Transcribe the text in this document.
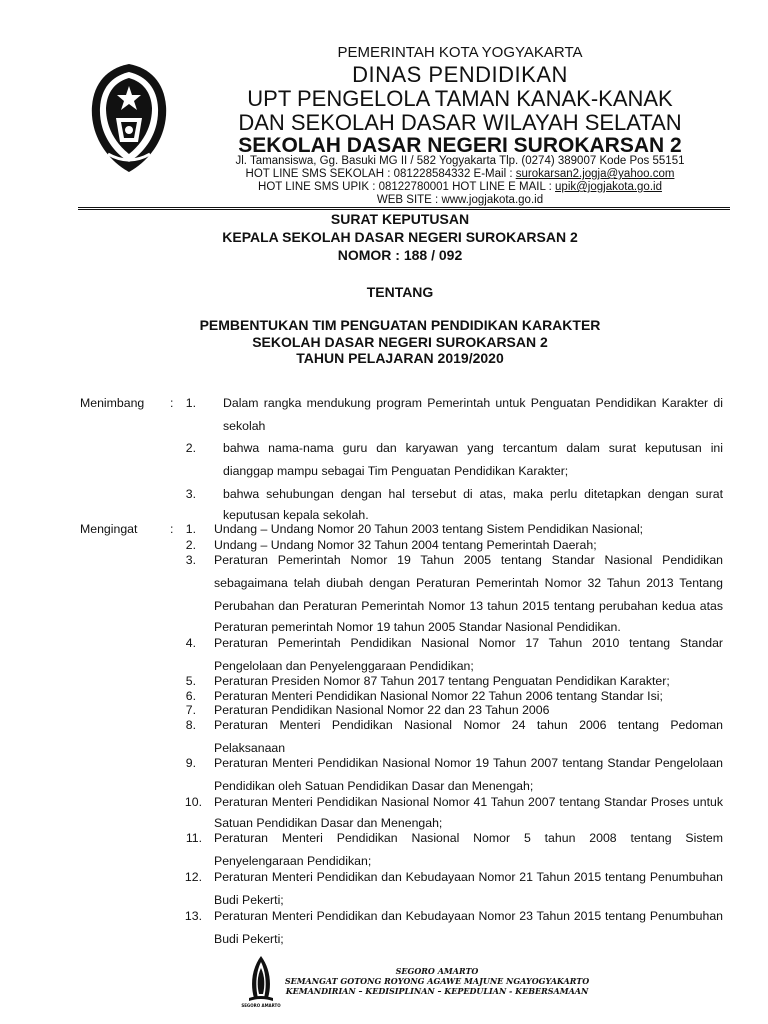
PEMERINTAH KOTA YOGYAKARTA
DINAS PENDIDIKAN
UPT PENGELOLA TAMAN KANAK-KANAK
DAN SEKOLAH DASAR WILAYAH SELATAN
SEKOLAH DASAR NEGERI SUROKARSAN 2
Jl. Tamansiswa, Gg. Basuki MG II / 582 Yogyakarta Tlp. (0274) 389007 Kode Pos 55151
HOT LINE SMS SEKOLAH : 081228584332 E-Mail : surokarsan2.jogja@yahoo.com
HOT LINE SMS UPIK : 08122780001 HOT LINE E MAIL : upik@jogjakota.go.id
WEB SITE : www.jogjakota.go.id
SURAT KEPUTUSAN
KEPALA SEKOLAH DASAR NEGERI SUROKARSAN 2
NOMOR : 188 / 092
TENTANG
PEMBENTUKAN TIM PENGUATAN PENDIDIKAN KARAKTER
SEKOLAH DASAR NEGERI SUROKARSAN 2
TAHUN PELAJARAN 2019/2020
Menimbang :	1. Dalam rangka mendukung program Pemerintah untuk Penguatan Pendidikan Karakter di
sekolah
2. bahwa nama-nama guru dan karyawan yang tercantum dalam surat keputusan ini
dianggap mampu sebagai Tim Penguatan Pendidikan Karakter;
3. bahwa sehubungan dengan hal tersebut di atas, maka perlu ditetapkan dengan surat
keputusan kepala sekolah.
Mengingat	:	1. Undang – Undang Nomor 20 Tahun 2003 tentang Sistem Pendidikan Nasional;
2. Undang – Undang Nomor 32 Tahun 2004 tentang Pemerintah Daerah;
3. Peraturan Pemerintah Nomor 19 Tahun 2005 tentang Standar Nasional Pendidikan
sebagaimana telah diubah dengan Peraturan Pemerintah Nomor 32 Tahun 2013 Tentang
Perubahan dan Peraturan Pemerintah Nomor 13 tahun 2015 tentang perubahan kedua atas
Peraturan pemerintah Nomor 19 tahun 2005 Standar Nasional Pendidikan.
4. Peraturan Pemerintah Pendidikan Nasional Nomor 17 Tahun 2010 tentang Standar
Pengelolaan dan Penyelenggaraan Pendidikan;
5. Peraturan Presiden Nomor 87 Tahun 2017 tentang Penguatan Pendidikan Karakter;
6. Peraturan Menteri Pendidikan Nasional Nomor 22 Tahun 2006 tentang Standar Isi;
7. Peraturan Pendidikan Nasional Nomor 22 dan 23 Tahun 2006
8. Peraturan Menteri Pendidikan Nasional Nomor 24 tahun 2006 tentang Pedoman
Pelaksanaan
9. Peraturan Menteri Pendidikan Nasional Nomor 19 Tahun 2007 tentang Standar Pengelolaan
Pendidikan oleh Satuan Pendidikan Dasar dan Menengah;
10. Peraturan Menteri Pendidikan Nasional Nomor 41 Tahun 2007 tentang Standar Proses untuk
Satuan Pendidikan Dasar dan Menengah;
11. Peraturan Menteri Pendidikan Nasional Nomor 5 tahun 2008 tentang Sistem
Penyelengaraan Pendidikan;
12. Peraturan Menteri Pendidikan dan Kebudayaan Nomor 21 Tahun 2015 tentang Penumbuhan
Budi Pekerti;
13. Peraturan Menteri Pendidikan dan Kebudayaan Nomor 23 Tahun 2015 tentang Penumbuhan
Budi Pekerti;
SEGORO AMARTO
SEGORO AMARTO
SEMANGAT GOTONG ROYONG AGAWE MAJUNE NGAYOGYAKARTO
KEMANDIRIAN – KEDISIPLINAN – KEPEDULIAN - KEBERSAMAAN
